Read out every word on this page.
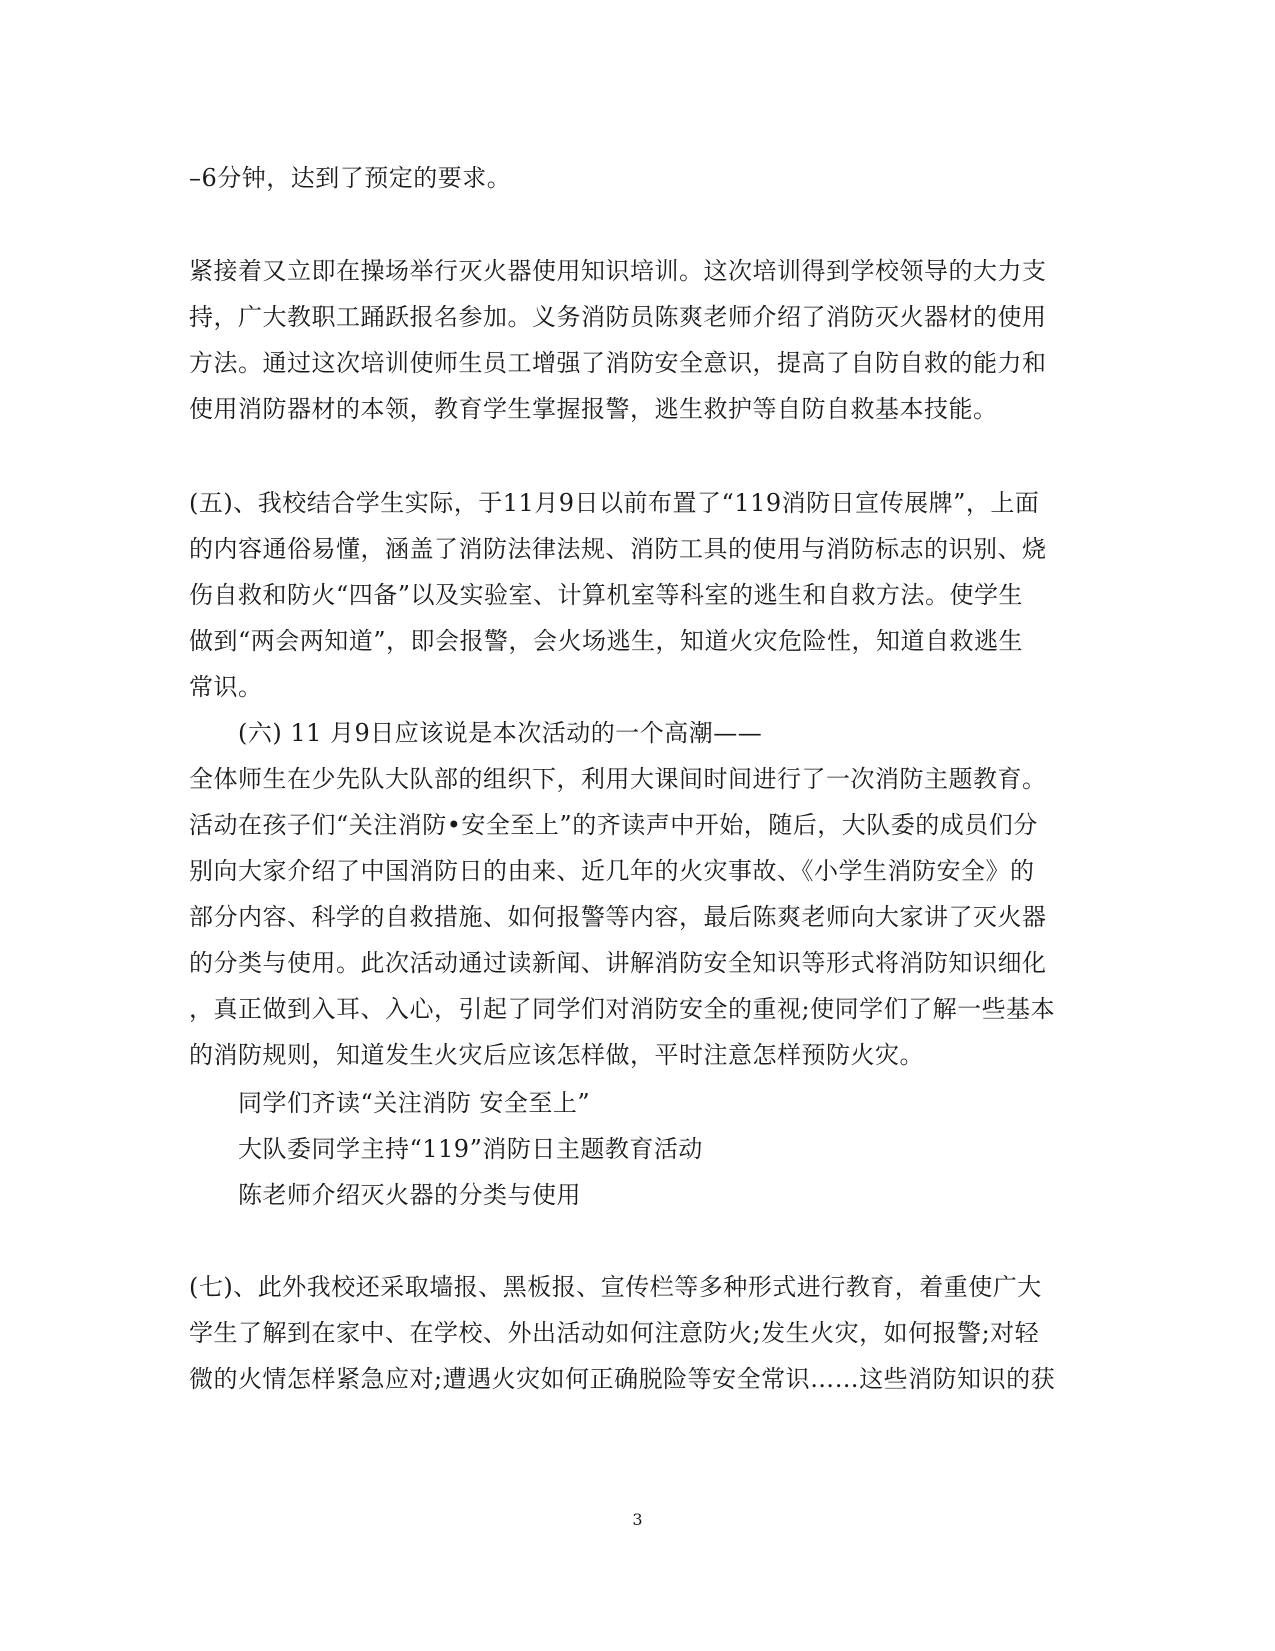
–6分钟，达到了预定的要求。
紧接着又立即在操场举行灭火器使用知识培训。这次培训得到学校领导的大力支
持，广大教职工踊跃报名参加。义务消防员陈爽老师介绍了消防灭火器材的使用
方法。通过这次培训使师生员工增强了消防安全意识，提高了自防自救的能力和
使用消防器材的本领，教育学生掌握报警，逃生救护等自防自救基本技能。
(五)、我校结合学生实际，于11月9日以前布置了“119消防日宣传展牌”，上面
的内容通俗易懂，涵盖了消防法律法规、消防工具的使用与消防标志的识别、烧
伤自救和防火“四备”以及实验室、计算机室等科室的逃生和自救方法。使学生
做到“两会两知道”，即会报警，会火场逃生，知道火灾危险性，知道自救逃生
常识。
(六) 11 月9日应该说是本次活动的一个高潮——
全体师生在少先队大队部的组织下，利用大课间时间进行了一次消防主题教育。
活动在孩子们“关注消防•安全至上”的齐读声中开始，随后，大队委的成员们分
别向大家介绍了中国消防日的由来、近几年的火灾事故、《小学生消防安全》的
部分内容、科学的自救措施、如何报警等内容，最后陈爽老师向大家讲了灭火器
的分类与使用。此次活动通过读新闻、讲解消防安全知识等形式将消防知识细化
，真正做到入耳、入心，引起了同学们对消防安全的重视;使同学们了解一些基本
的消防规则，知道发生火灾后应该怎样做，平时注意怎样预防火灾。
同学们齐读“关注消防 安全至上”
大队委同学主持“119”消防日主题教育活动
陈老师介绍灭火器的分类与使用
(七)、此外我校还采取墙报、黑板报、宣传栏等多种形式进行教育，着重使广大
学生了解到在家中、在学校、外出活动如何注意防火;发生火灾，如何报警;对轻
微的火情怎样紧急应对;遭遇火灾如何正确脱险等安全常识……这些消防知识的获
3
